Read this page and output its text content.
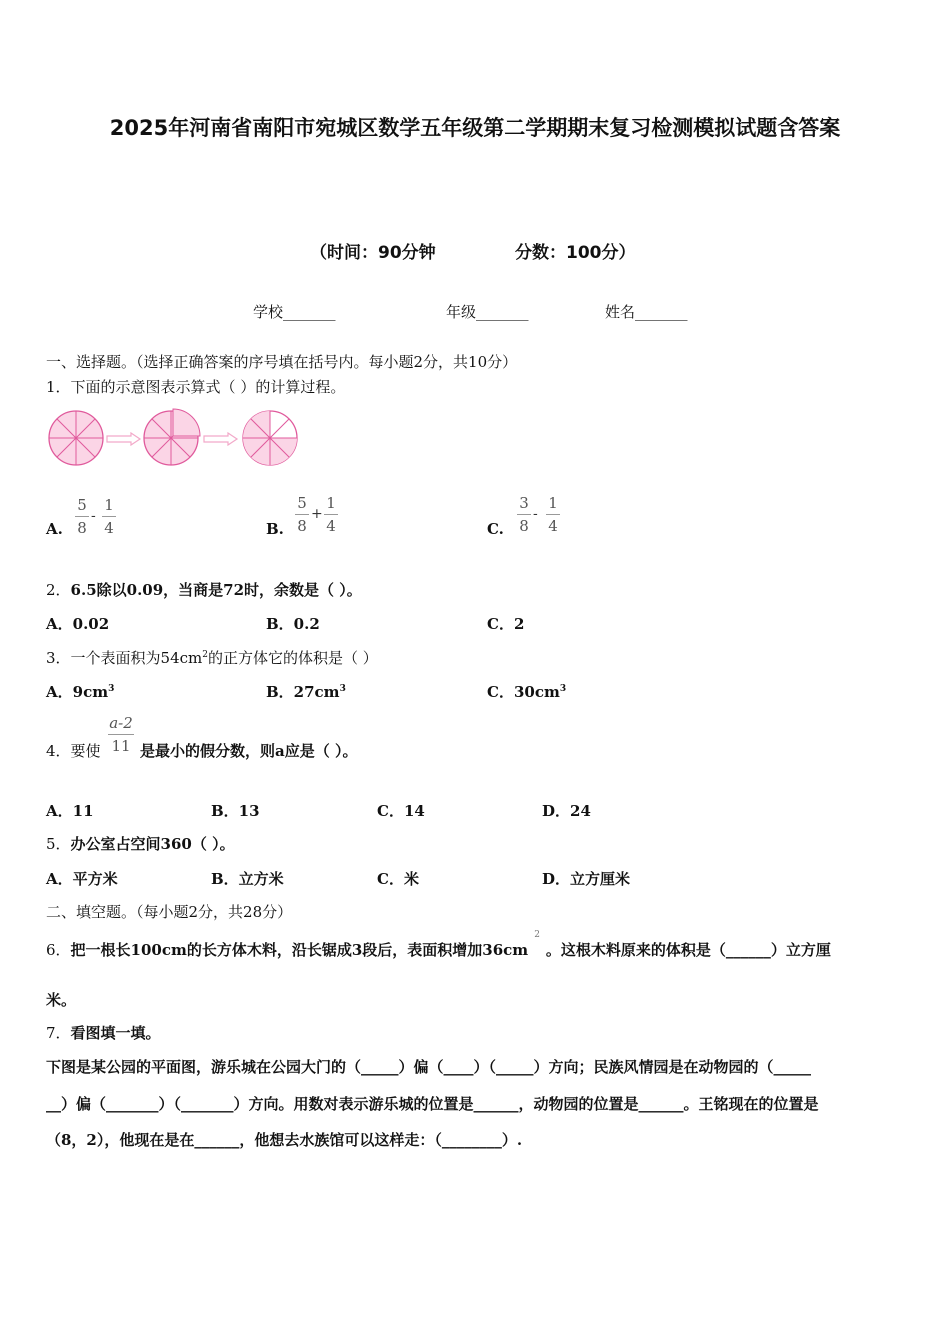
2025年河南省南阳市宛城区数学五年级第二学期期末复习检测模拟试题含答案
（时间：90分钟	分数：100分）
学校_______	年级_______	姓名_______
一、选择题。（选择正确答案的序号填在括号内。每小题2分，共10分）
1．下面的示意图表示算式（ ）的计算过程。
A.
5
8
-
1
4	B.
5
8
+
1
4	C.
3
8
-
1
4
2．6.5除以0.09，当商是72时，余数是（ ）。
A．0.02	B．0.2	C．2
3．一个表面积为$54cm^2$的正方体它的体积是（ ）
A．$9cm^3$	B．$27cm^3$	C．$30cm^3$
4．要使
a-2
11 是最小的假分数，则a应是（ ）。
A．11	B．13	C．14	D．24
5．办公室占空间360（ ）。
A．平方米	B．立方米	C．米	D．立方厘米
二、填空题。（每小题2分，共28分）
6．把一根长100cm的长方体木料，沿长锯成3段后，表面积增加$36cm^2$。这根木料原来的体积是（______）立方厘
米。
7．看图填一填。
下图是某公园的平面图，游乐城在公园大门的（_____）偏（____）（_____）方向；民族风情园是在动物园的（_____
__）偏（_______）（_______）方向。用数对表示游乐城的位置是______，动物园的位置是______。王铭现在的位置是
（8，2），他现在是在______，他想去水族馆可以这样走：（________）.
